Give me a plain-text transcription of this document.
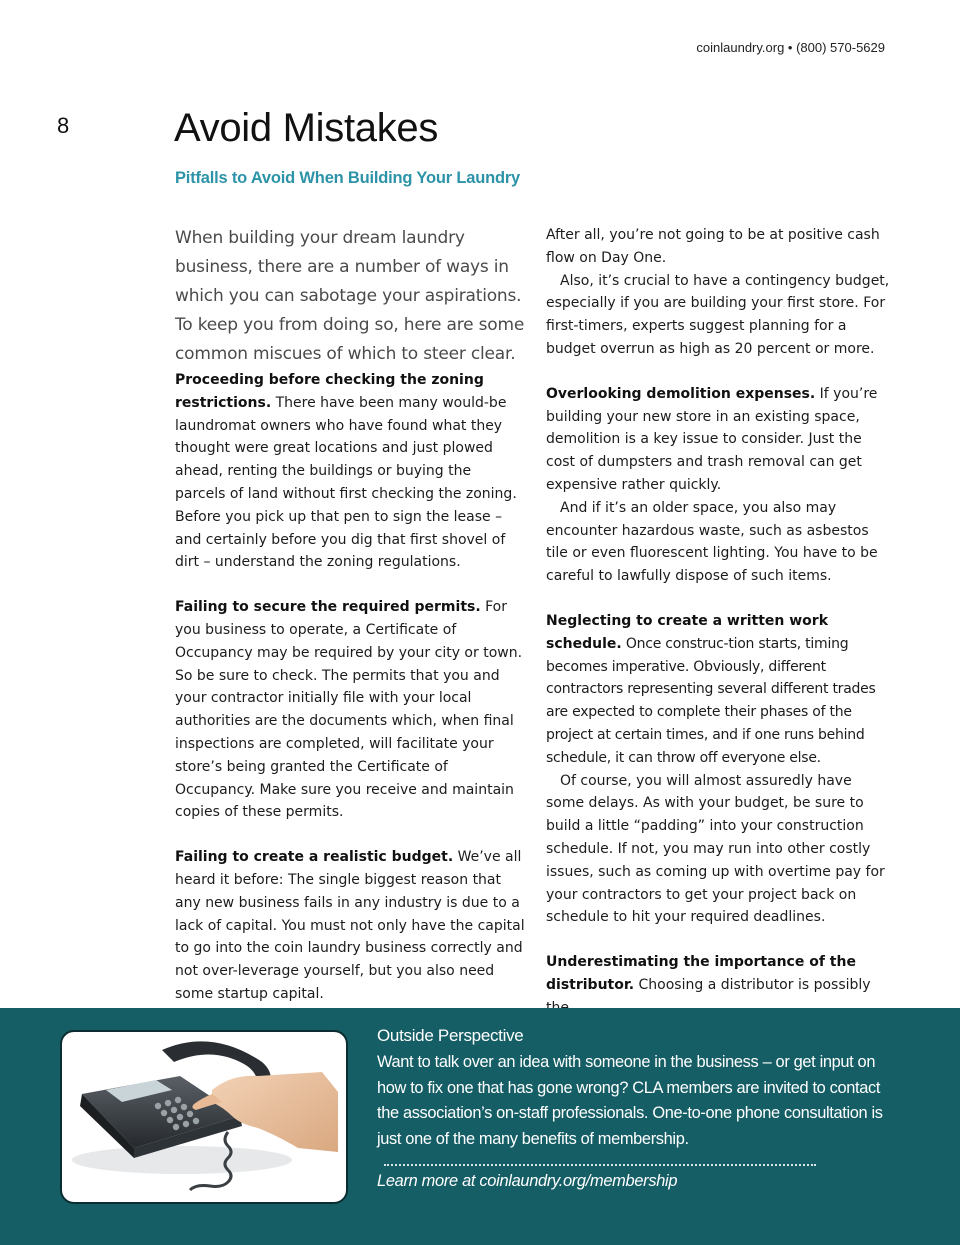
coinlaundry.org • (800) 570-5629
8	Avoid Mistakes
Pitfalls to Avoid When Building Your Laundry

When building your dream laundry business, there are a number of ways in which you can sabotage your aspirations. To keep you from doing so, here are some common miscues of which to steer clear.

Proceeding before checking the zoning restrictions. There have been many would-be laundromat owners who have found what they thought were great locations and just plowed ahead, renting the buildings or buying the parcels of land without first checking the zoning. Before you pick up that pen to sign the lease – and certainly before you dig that first shovel of dirt – understand the zoning regulations.

Failing to secure the required permits. For you business to operate, a Certificate of Occupancy may be required by your city or town. So be sure to check. The permits that you and your contractor initially file with your local authorities are the documents which, when final inspections are completed, will facilitate your store’s being granted the Certificate of Occupancy. Make sure you receive and maintain copies of these permits.

Failing to create a realistic budget. We’ve all heard it before: The single biggest reason that any new business fails in any industry is due to a lack of capital. You must not only have the capital to go into the coin laundry business correctly and not over-leverage yourself, but you also need some startup capital.

After all, you’re not going to be at positive cash flow on Day One.

Also, it’s crucial to have a contingency budget, especially if you are building your first store. For first-timers, experts suggest planning for a budget overrun as high as 20 percent or more.

Overlooking demolition expenses. If you’re building your new store in an existing space, demolition is a key issue to consider. Just the cost of dumpsters and trash removal can get expensive rather quickly.

And if it’s an older space, you also may encounter hazardous waste, such as asbestos tile or even fluorescent lighting. You have to be careful to lawfully dispose of such items.

Neglecting to create a written work schedule. Once construc-tion starts, timing becomes imperative. Obviously, different contractors representing several different trades are expected to complete their phases of the project at certain times, and if one runs behind schedule, it can throw off everyone else.

Of course, you will almost assuredly have some delays. As with your budget, be sure to build a little “padding” into your construction schedule. If not, you may run into other costly issues, such as coming up with overtime pay for your contractors to get your project back on schedule to hit your required deadlines.

Underestimating the importance of the distributor. Choosing a distributor is possibly

Outside Perspective

Want to talk over an idea with someone in the business – or get input on how to fix one that has gone wrong? CLA members are invited to contact the association’s on-staff professionals. One-to-one phone consultation is just one of the many benefits of membership.

Learn more at coinlaundry.org/membership
